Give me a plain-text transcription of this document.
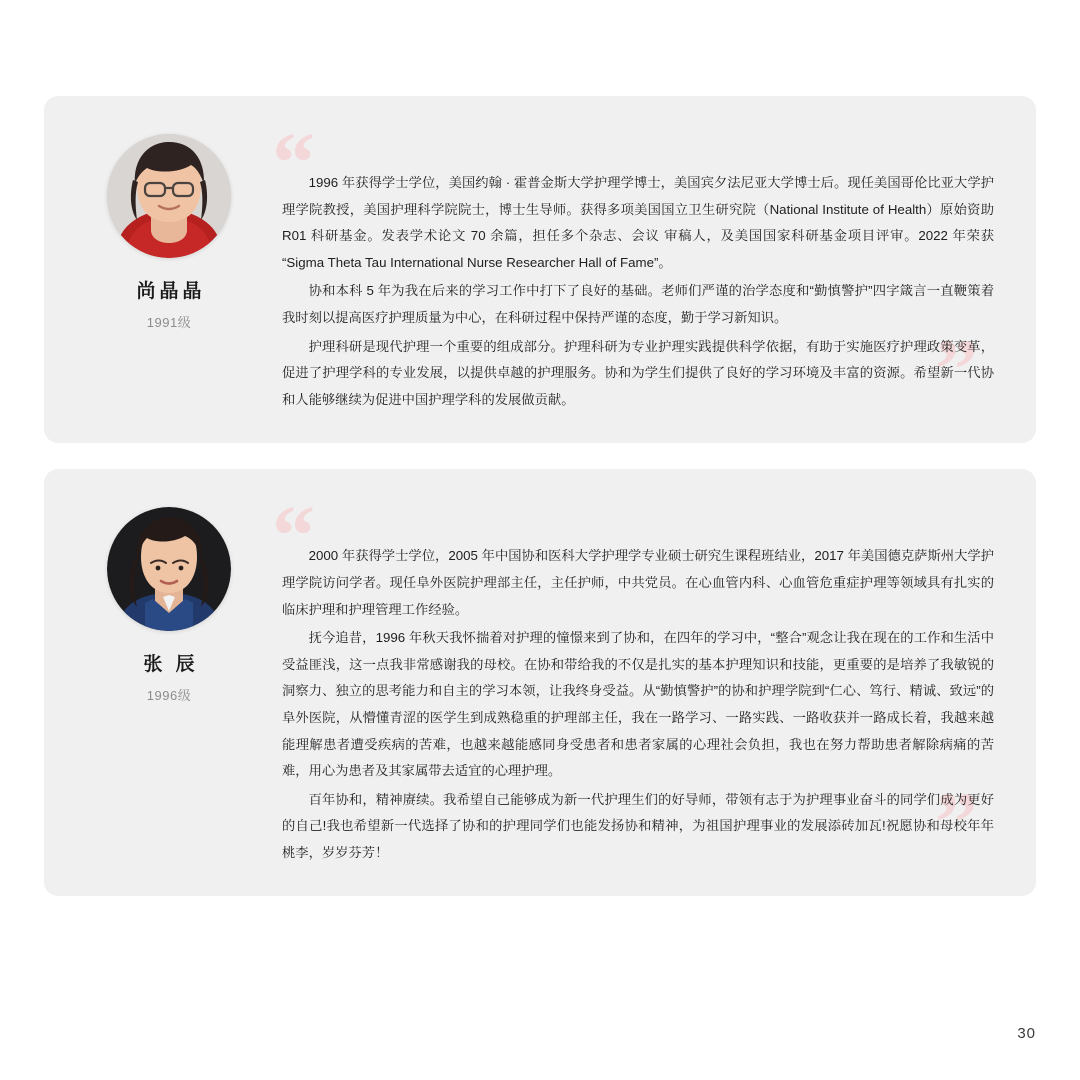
尚晶晶
1991级
“
”

1996 年获得学士学位，美国约翰 · 霍普金斯大学护理学博士，美国宾夕法尼亚大学博士后。现任美国哥伦比亚大学护理学院教授，美国护理科学院院士，博士生导师。获得多项美国国立卫生研究院（National Institute of Health）原始资助 R01 科研基金。发表学术论文 70 余篇，担任多个杂志、会议 审稿人，及美国国家科研基金项目评审。2022 年荣获 “Sigma Theta Tau International Nurse Researcher Hall of Fame”。

协和本科 5 年为我在后来的学习工作中打下了良好的基础。老师们严谨的治学态度和“勤慎警护”四字箴言一直鞭策着我时刻以提高医疗护理质量为中心，在科研过程中保持严谨的态度，勤于学习新知识。

护理科研是现代护理一个重要的组成部分。护理科研为专业护理实践提供科学依据，有助于实施医疗护理政策变革，促进了护理学科的专业发展，以提供卓越的护理服务。协和为学生们提供了良好的学习环境及丰富的资源。希望新一代协和人能够继续为促进中国护理学科的发展做贡献。

张 辰
1996级
“
”

2000 年获得学士学位，2005 年中国协和医科大学护理学专业硕士研究生课程班结业，2017 年美国德克萨斯州大学护理学院访问学者。现任阜外医院护理部主任，主任护师，中共党员。在心血管内科、心血管危重症护理等领域具有扎实的临床护理和护理管理工作经验。

抚今追昔，1996 年秋天我怀揣着对护理的憧憬来到了协和，在四年的学习中，“整合”观念让我在现在的工作和生活中受益匪浅，这一点我非常感谢我的母校。在协和带给我的不仅是扎实的基本护理知识和技能，更重要的是培养了我敏锐的洞察力、独立的思考能力和自主的学习本领，让我终身受益。从“勤慎警护”的协和护理学院到“仁心、笃行、精诚、致远”的阜外医院，从懵懂青涩的医学生到成熟稳重的护理部主任，我在一路学习、一路实践、一路收获并一路成长着，我越来越能理解患者遭受疾病的苦难，也越来越能感同身受患者和患者家属的心理社会负担，我也在努力帮助患者解除病痛的苦难，用心为患者及其家属带去适宜的心理护理。

百年协和，精神赓续。我希望自己能够成为新一代护理生们的好导师，带领有志于为护理事业奋斗的同学们成为更好的自己!我也希望新一代选择了协和的护理同学们也能发扬协和精神，为祖国护理事业的发展添砖加瓦!祝愿协和母校年年桃李，岁岁芬芳！

30
